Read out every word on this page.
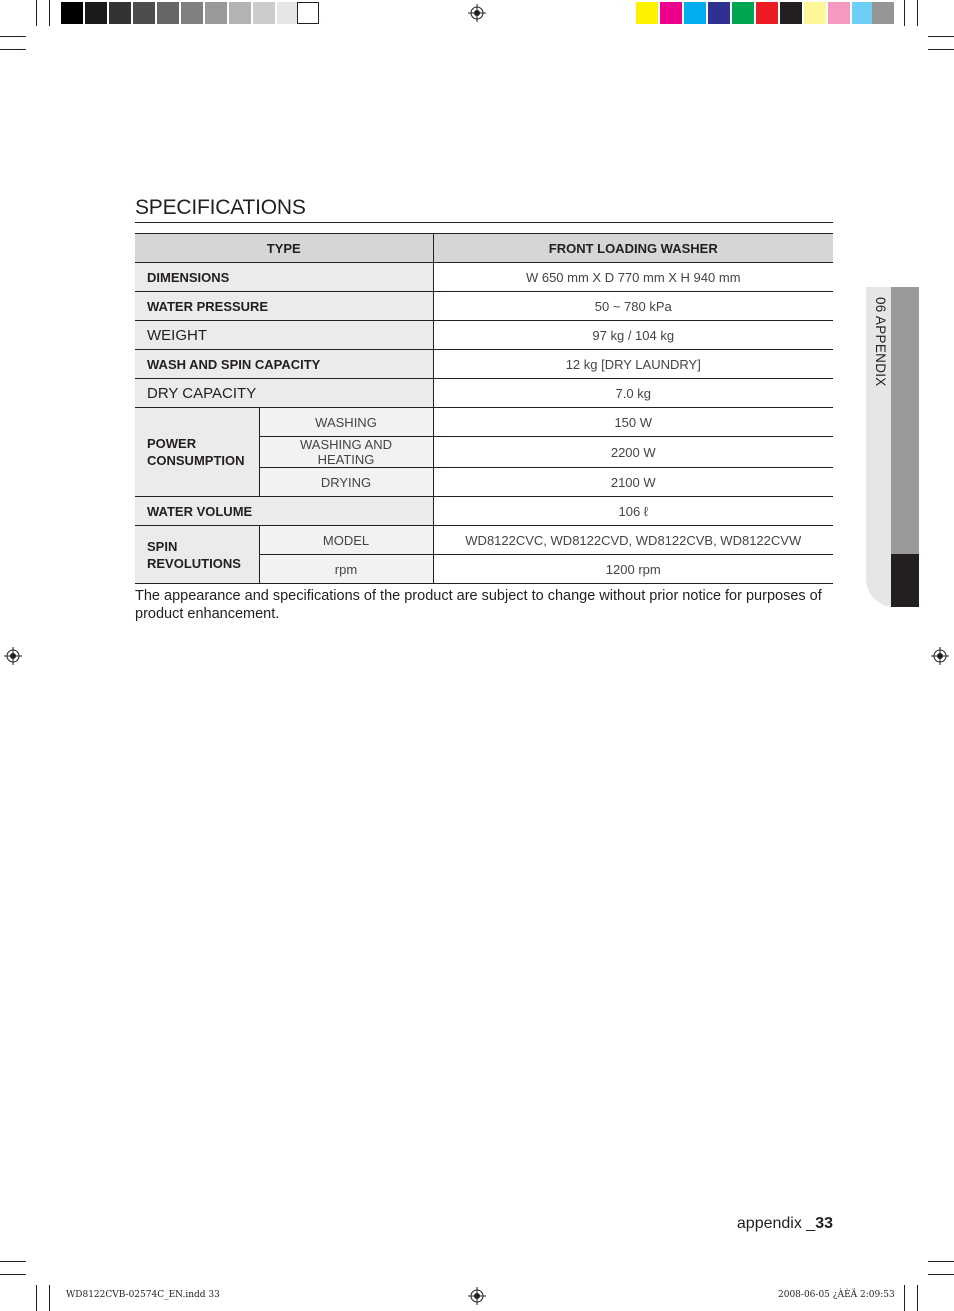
06 APPENDIX
SPECIFICATIONS
TYPE		FRONT LOADING WASHER
DIMENSIONS		W 650 mm X D 770 mm X H 940 mm
WATER PRESSURE		50 ~ 780 kPa
WEIGHT		97 kg / 104 kg
WASH AND SPIN CAPACITY		12 kg [DRY LAUNDRY]
DRY CAPACITY		7.0 kg
POWER
CONSUMPTION	WASHING	150 W
	WASHING AND HEATING	2200 W
	DRYING	2100 W
WATER VOLUME		106 ℓ
SPIN
REVOLUTIONS	MODEL	WD8122CVC, WD8122CVD, WD8122CVB, WD8122CVW
	rpm	1200 rpm
The appearance and specifications of the product are subject to change without prior notice for purposes of product enhancement.
appendix _33
WD8122CVB-02574C_EN.indd 33	2008-06-05 ¿ÀÈÄ 2:09:53
